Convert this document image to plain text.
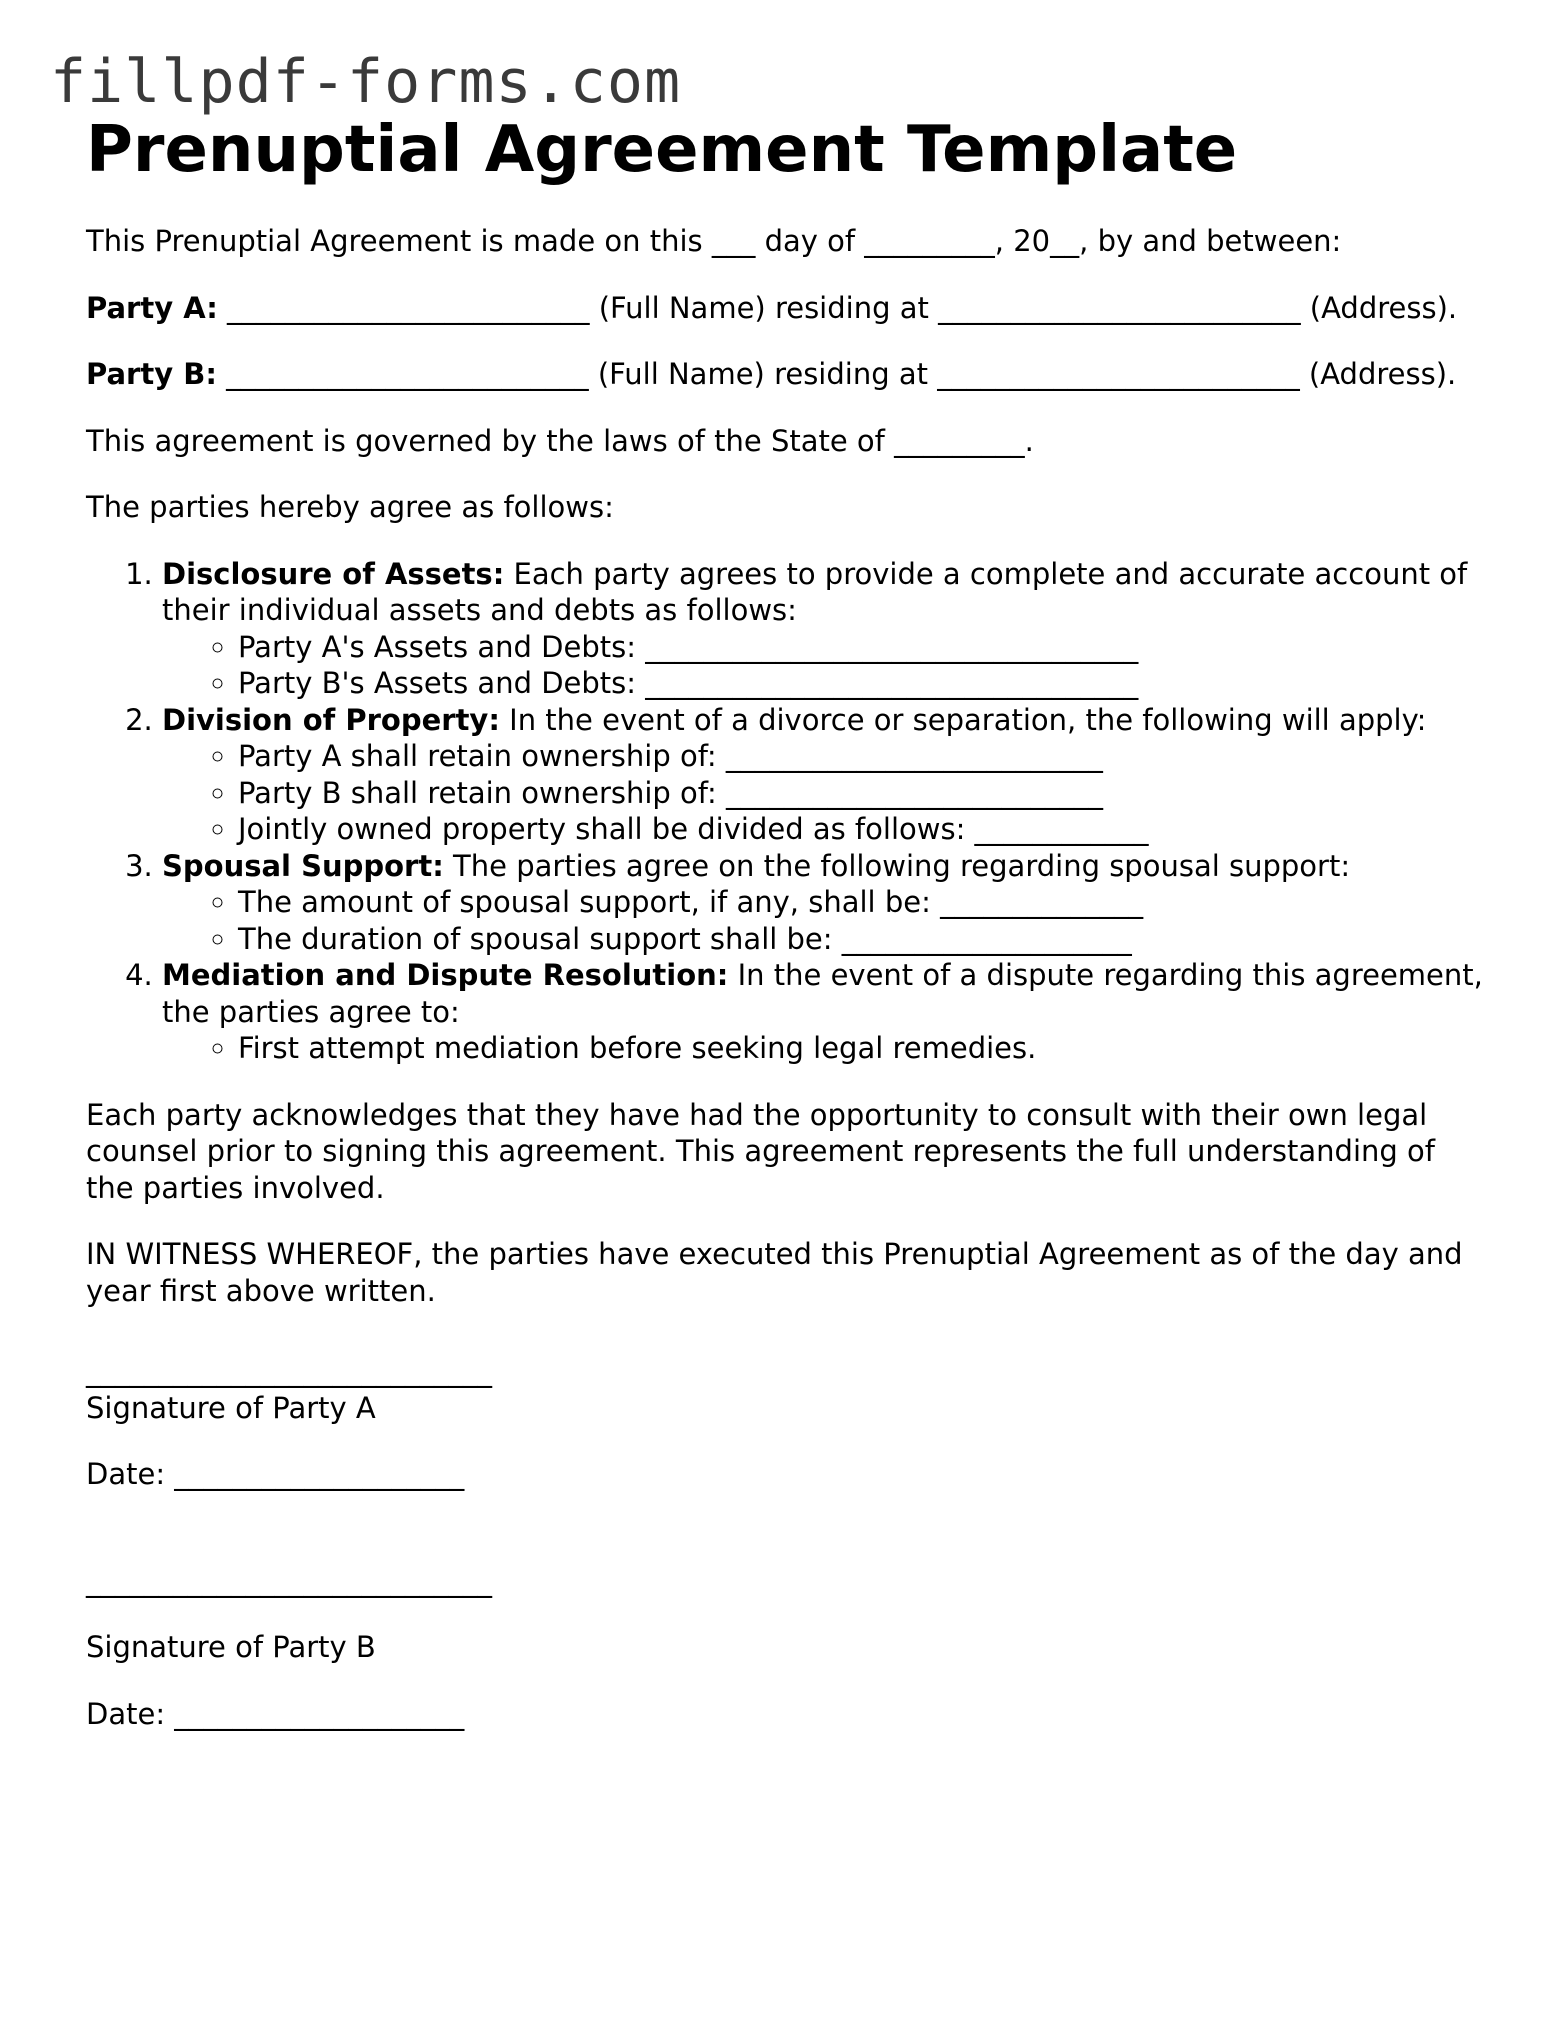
fillpdf-forms.com
Prenuptial Agreement Template

This Prenuptial Agreement is made on this ___ day of _________, 20__, by and between:

Party A: _________________________ (Full Name) residing at _________________________ (Address).

Party B: _________________________ (Full Name) residing at _________________________ (Address).

This agreement is governed by the laws of the State of _________.

The parties hereby agree as follows:

1. Disclosure of Assets: Each party agrees to provide a complete and accurate account of their individual assets and debts as follows:
◦ Party A's Assets and Debts: __________________________________
◦ Party B's Assets and Debts: __________________________________
2. Division of Property: In the event of a divorce or separation, the following will apply:
◦ Party A shall retain ownership of: __________________________
◦ Party B shall retain ownership of: __________________________
◦ Jointly owned property shall be divided as follows: ____________
3. Spousal Support: The parties agree on the following regarding spousal support:
◦ The amount of spousal support, if any, shall be: ______________
◦ The duration of spousal support shall be: ____________________
4. Mediation and Dispute Resolution: In the event of a dispute regarding this agreement, the parties agree to:
◦ First attempt mediation before seeking legal remedies.

Each party acknowledges that they have had the opportunity to consult with their own legal counsel prior to signing this agreement. This agreement represents the full understanding of the parties involved.

IN WITNESS WHEREOF, the parties have executed this Prenuptial Agreement as of the day and year first above written.

____________________________

Signature of Party A

Date: ____________________

____________________________

Signature of Party B

Date: ____________________
